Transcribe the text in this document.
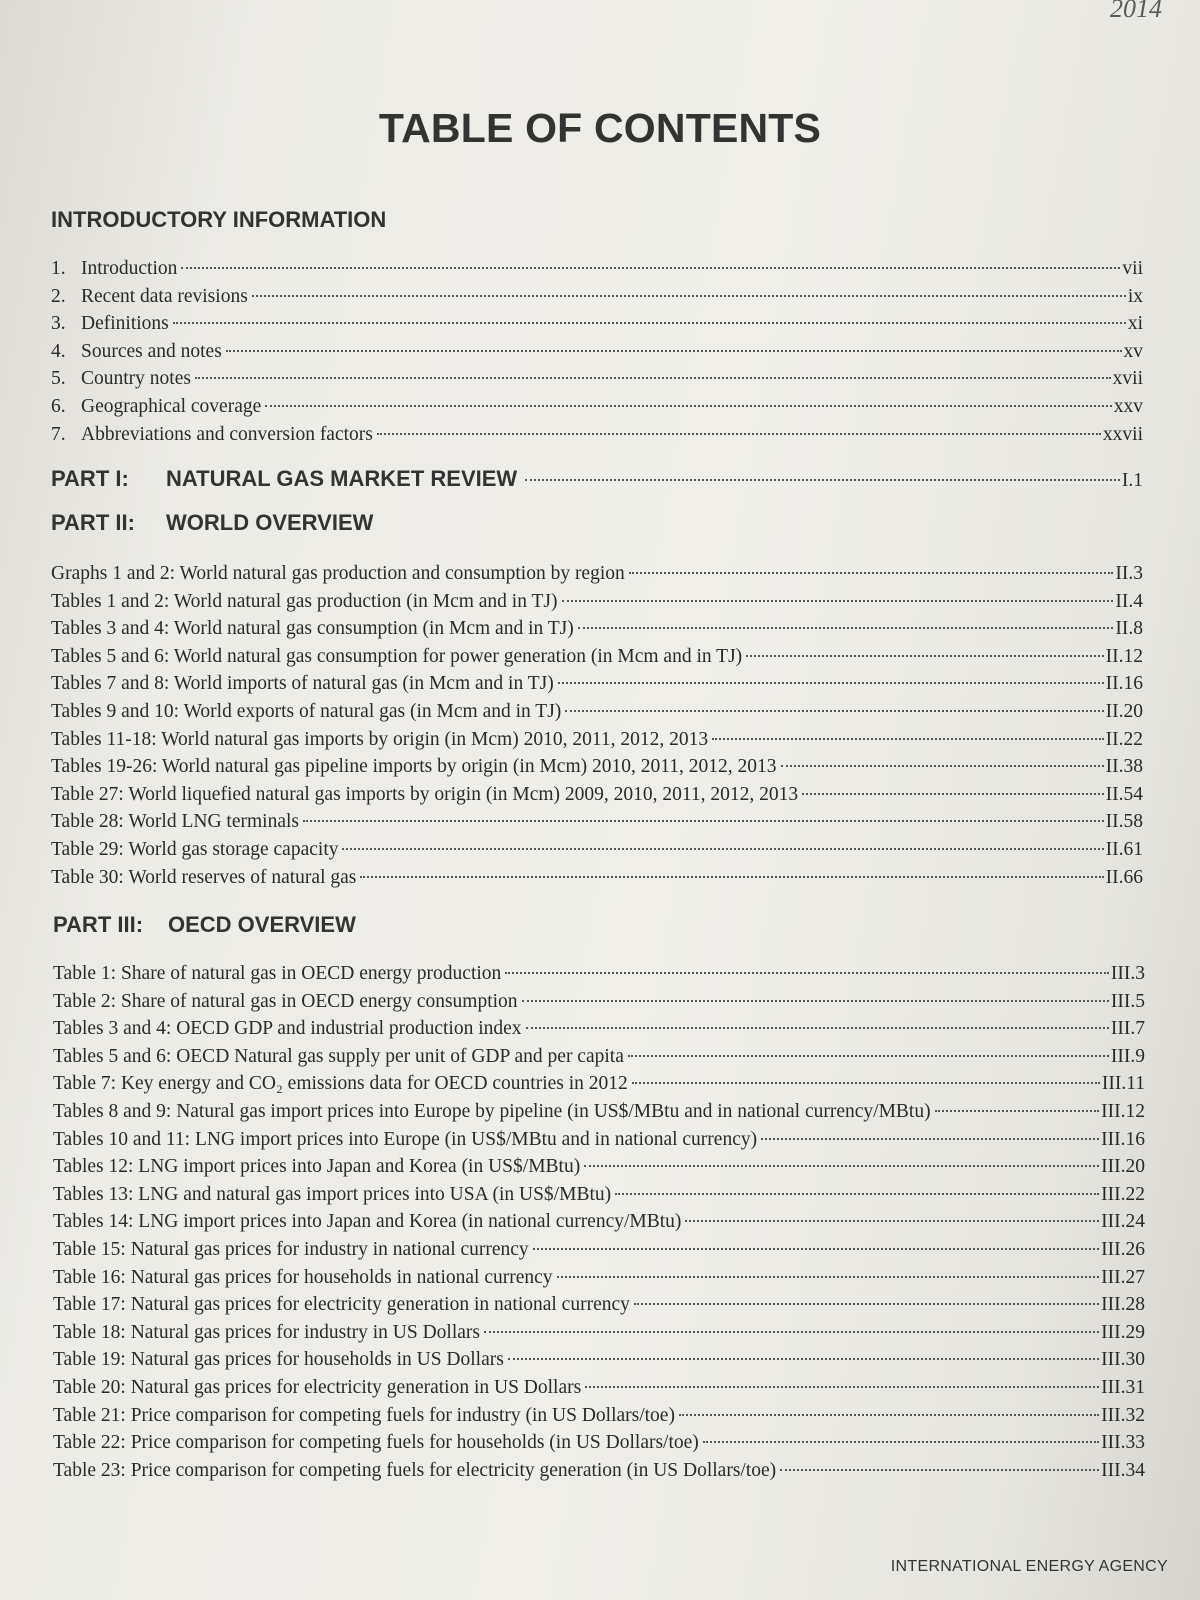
2014
TABLE OF CONTENTS
INTRODUCTORY INFORMATION
1. Introduction	vii
2. Recent data revisions	ix
3. Definitions	xi
4. Sources and notes	xv
5. Country notes	xvii
6. Geographical coverage	xxv
7. Abbreviations and conversion factors	xxvii
PART I: NATURAL GAS MARKET REVIEW	I.1
PART II: WORLD OVERVIEW
Graphs 1 and 2: World natural gas production and consumption by region	II.3
Tables 1 and 2: World natural gas production (in Mcm and in TJ)	II.4
Tables 3 and 4: World natural gas consumption (in Mcm and in TJ)	II.8
Tables 5 and 6: World natural gas consumption for power generation (in Mcm and in TJ)	II.12
Tables 7 and 8: World imports of natural gas (in Mcm and in TJ)	II.16
Tables 9 and 10: World exports of natural gas (in Mcm and in TJ)	II.20
Tables 11-18: World natural gas imports by origin (in Mcm) 2010, 2011, 2012, 2013	II.22
Tables 19-26: World natural gas pipeline imports by origin (in Mcm) 2010, 2011, 2012, 2013	II.38
Table 27: World liquefied natural gas imports by origin (in Mcm) 2009, 2010, 2011, 2012, 2013	II.54
Table 28: World LNG terminals	II.58
Table 29: World gas storage capacity	II.61
Table 30: World reserves of natural gas	II.66
PART III: OECD OVERVIEW
Table 1: Share of natural gas in OECD energy production	III.3
Table 2: Share of natural gas in OECD energy consumption	III.5
Tables 3 and 4: OECD GDP and industrial production index	III.7
Tables 5 and 6: OECD Natural gas supply per unit of GDP and per capita	III.9
Table 7: Key energy and CO₂ emissions data for OECD countries in 2012	III.11
Tables 8 and 9: Natural gas import prices into Europe by pipeline (in US$/MBtu and in national currency/MBtu)	III.12
Tables 10 and 11: LNG import prices into Europe (in US$/MBtu and in national currency)	III.16
Tables 12: LNG import prices into Japan and Korea (in US$/MBtu)	III.20
Tables 13: LNG and natural gas import prices into USA (in US$/MBtu)	III.22
Tables 14: LNG import prices into Japan and Korea (in national currency/MBtu)	III.24
Table 15: Natural gas prices for industry in national currency	III.26
Table 16: Natural gas prices for households in national currency	III.27
Table 17: Natural gas prices for electricity generation in national currency	III.28
Table 18: Natural gas prices for industry in US Dollars	III.29
Table 19: Natural gas prices for households in US Dollars	III.30
Table 20: Natural gas prices for electricity generation in US Dollars	III.31
Table 21: Price comparison for competing fuels for industry (in US Dollars/toe)	III.32
Table 22: Price comparison for competing fuels for households (in US Dollars/toe)	III.33
Table 23: Price comparison for competing fuels for electricity generation (in US Dollars/toe)	III.34
INTERNATIONAL ENERGY AGENCY
